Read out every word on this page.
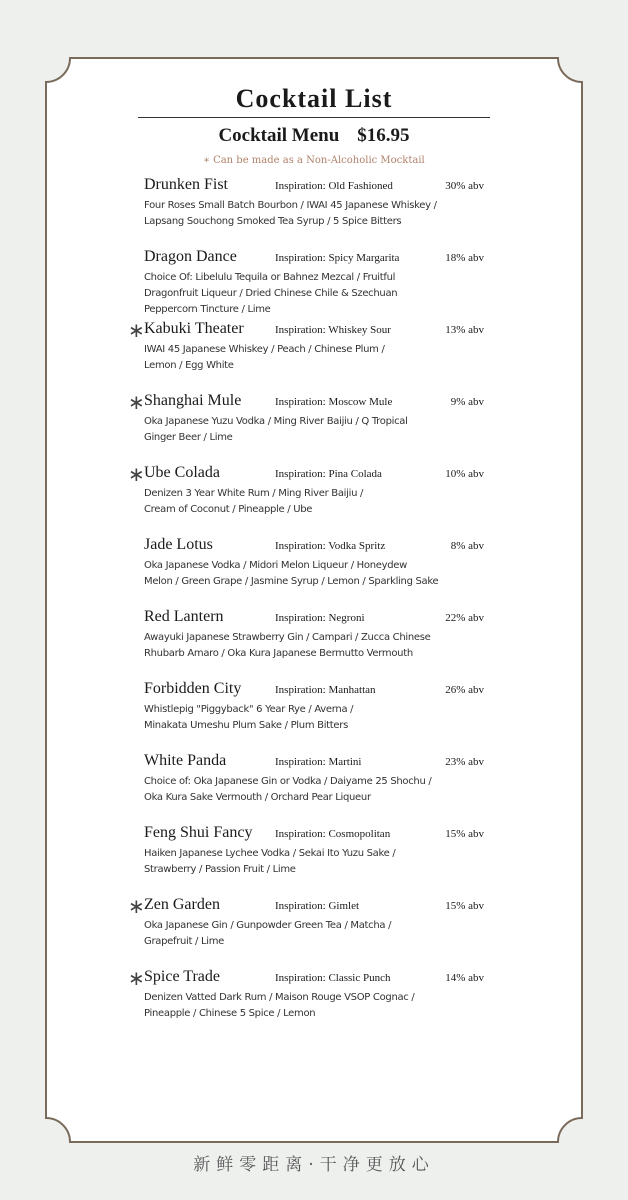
Cocktail List
Cocktail Menu $16.95
∗ Can be made as a Non-Alcoholic Mocktail
Drunken Fist	Inspiration: Old Fashioned	30% abv
Four Roses Small Batch Bourbon / IWAI 45 Japanese Whiskey /
Lapsang Souchong Smoked Tea Syrup / 5 Spice Bitters
Dragon Dance	Inspiration: Spicy Margarita	18% abv
Choice Of: Libelulu Tequila or Bahnez Mezcal / Fruitful
Dragonfruit Liqueur / Dried Chinese Chile & Szechuan
Peppercorn Tincture / Lime
∗ Kabuki Theater	Inspiration: Whiskey Sour	13% abv
IWAI 45 Japanese Whiskey / Peach / Chinese Plum /
Lemon / Egg White
∗ Shanghai Mule	Inspiration: Moscow Mule	9% abv
Oka Japanese Yuzu Vodka / Ming River Baijiu / Q Tropical
Ginger Beer / Lime
∗ Ube Colada	Inspiration: Pina Colada	10% abv
Denizen 3 Year White Rum / Ming River Baijiu /
Cream of Coconut / Pineapple / Ube
Jade Lotus	Inspiration: Vodka Spritz	8% abv
Oka Japanese Vodka / Midori Melon Liqueur / Honeydew
Melon / Green Grape / Jasmine Syrup / Lemon / Sparkling Sake
Red Lantern	Inspiration: Negroni	22% abv
Awayuki Japanese Strawberry Gin / Campari / Zucca Chinese
Rhubarb Amaro / Oka Kura Japanese Bermutto Vermouth
Forbidden City	Inspiration: Manhattan	26% abv
Whistlepig "Piggyback" 6 Year Rye / Averna /
Minakata Umeshu Plum Sake / Plum Bitters
White Panda	Inspiration: Martini	23% abv
Choice of: Oka Japanese Gin or Vodka / Daiyame 25 Shochu /
Oka Kura Sake Vermouth / Orchard Pear Liqueur
Feng Shui Fancy Inspiration: Cosmopolitan	15% abv
Haiken Japanese Lychee Vodka / Sekai Ito Yuzu Sake /
Strawberry / Passion Fruit / Lime
∗ Zen Garden	Inspiration: Gimlet	15% abv
Oka Japanese Gin / Gunpowder Green Tea / Matcha /
Grapefruit / Lime
∗ Spice Trade	Inspiration: Classic Punch	14% abv
Denizen Vatted Dark Rum / Maison Rouge VSOP Cognac /
Pineapple / Chinese 5 Spice / Lemon
新鲜零距离·干净更放心
